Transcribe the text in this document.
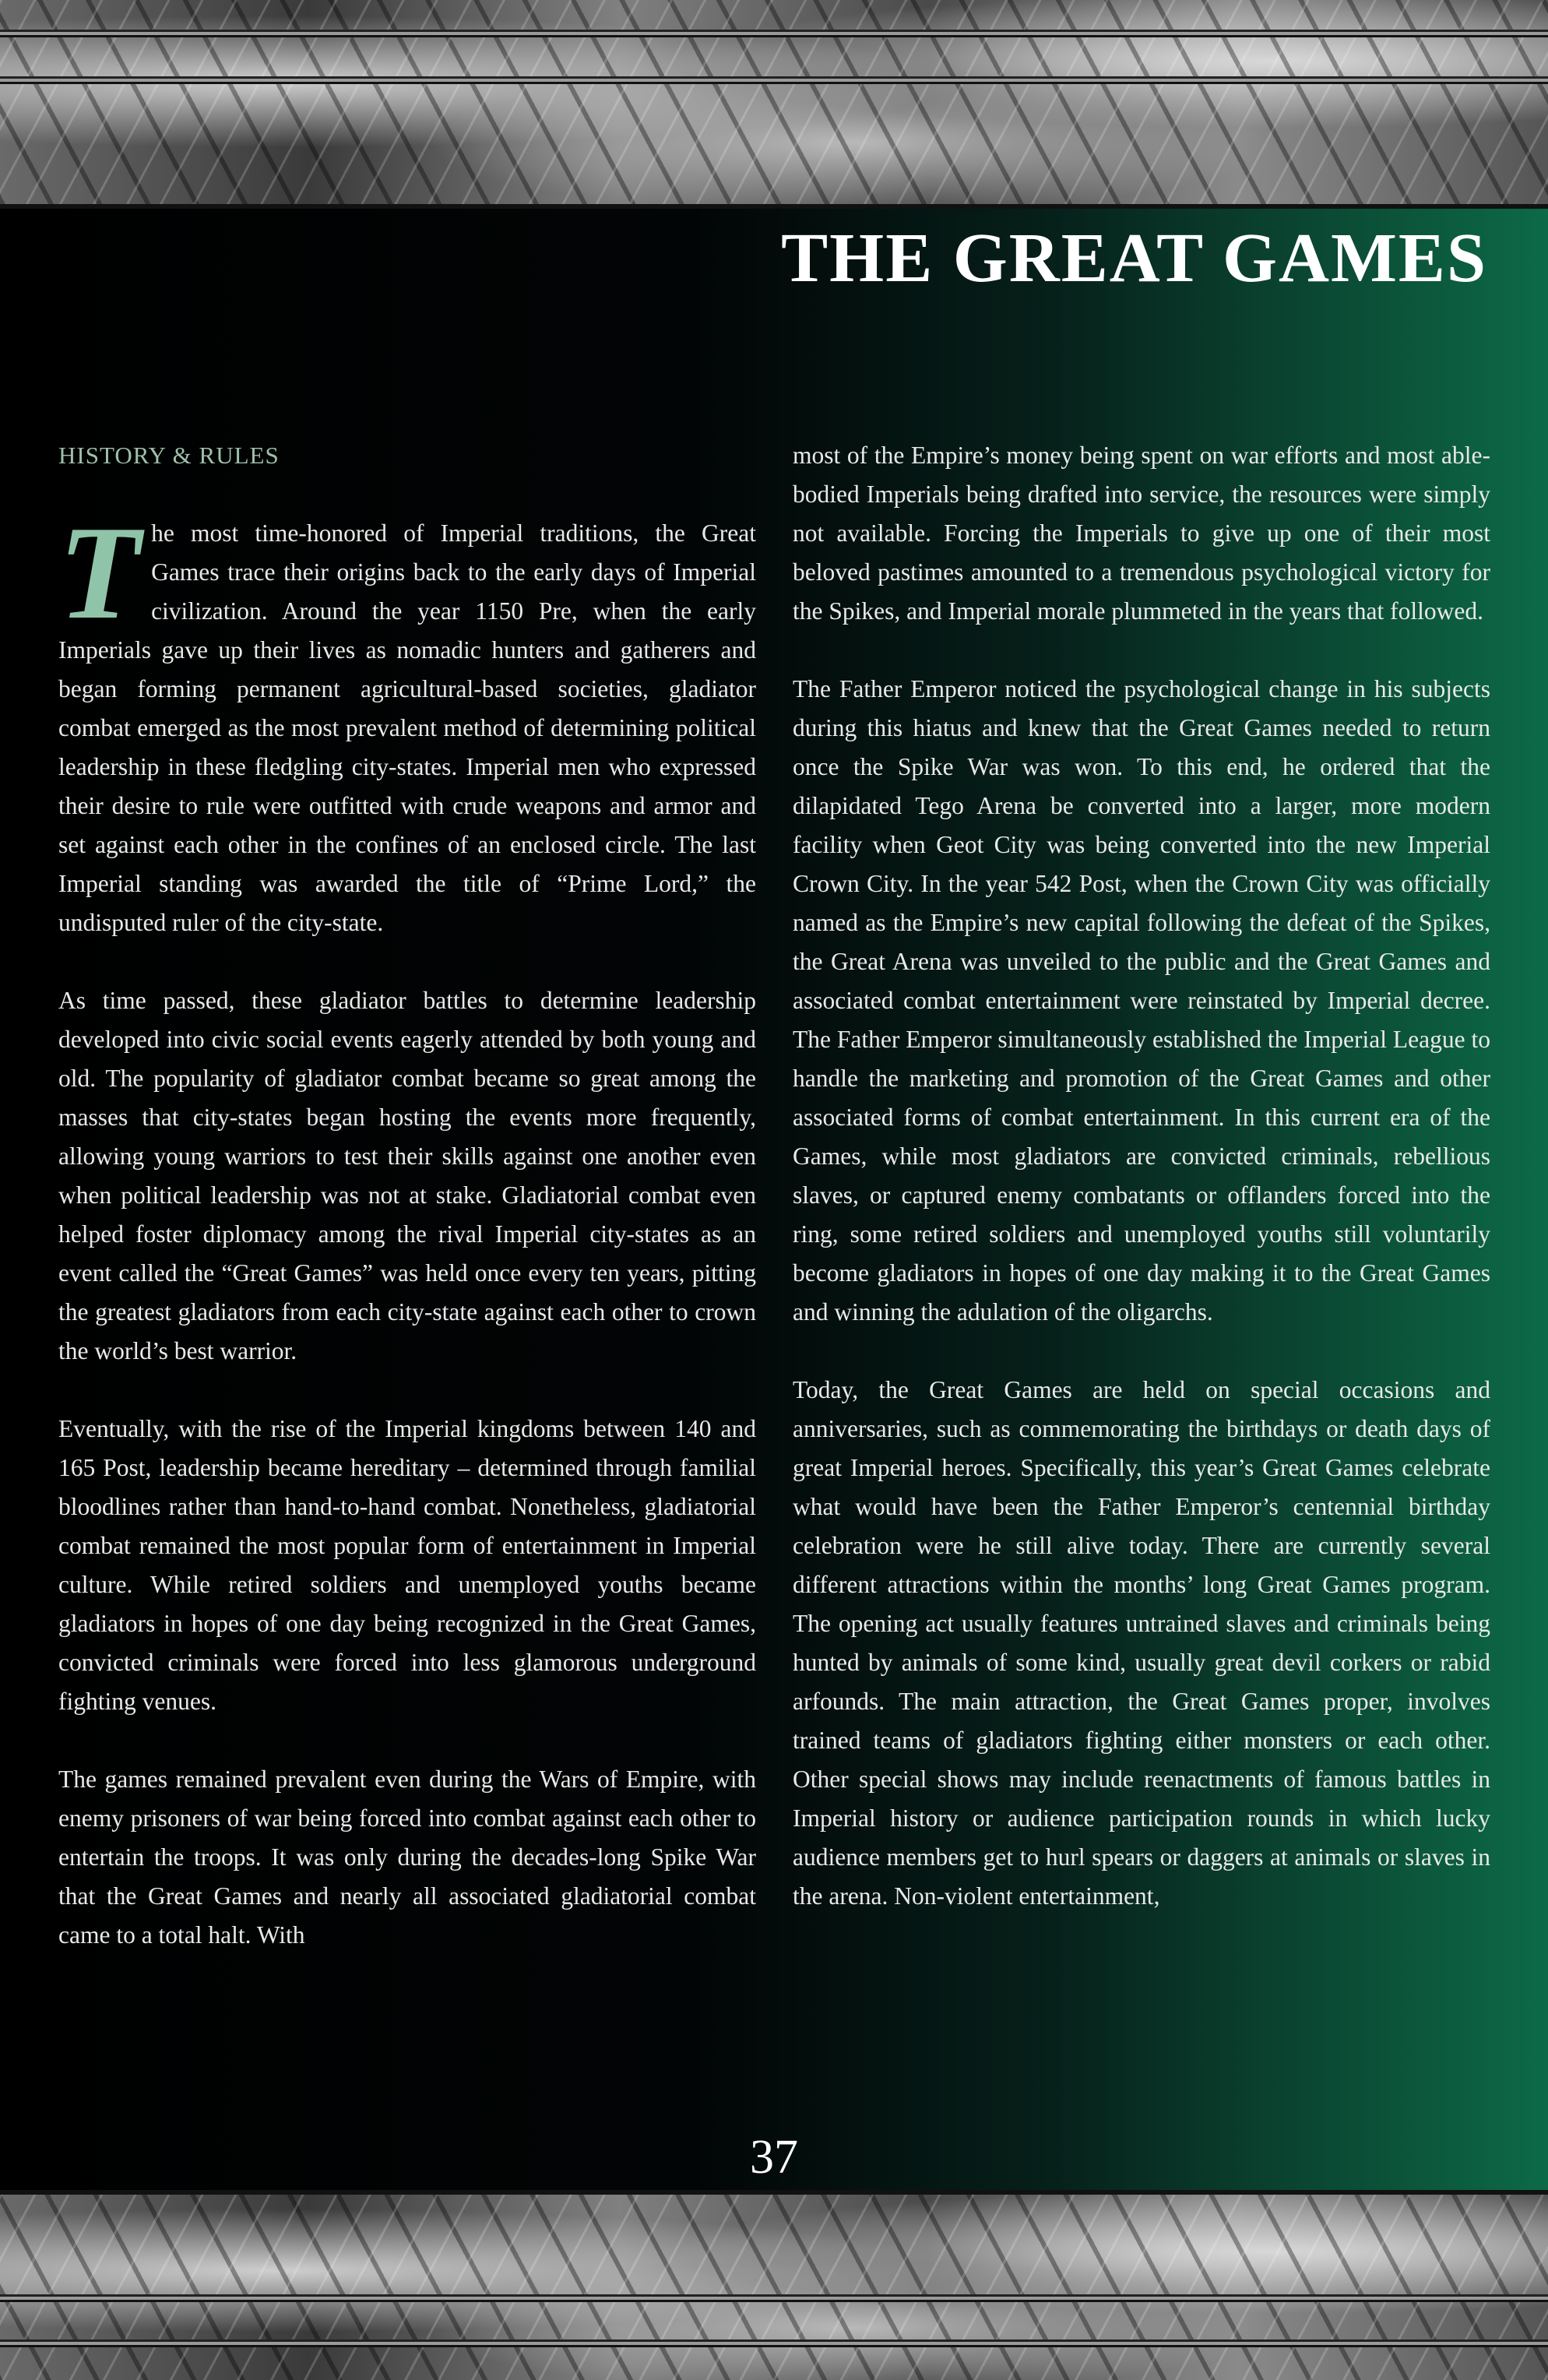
THE GREAT GAMES
HISTORY & RULES

The most time-honored of Imperial traditions, the Great Games trace their origins back to the early days of Imperial civilization. Around the year 1150 Pre, when the early Imperials gave up their lives as nomadic hunters and gatherers and began forming permanent agricultural-based societies, gladiator combat emerged as the most prevalent method of determining political leadership in these fledgling city-states. Imperial men who expressed their desire to rule were outfitted with crude weapons and armor and set against each other in the confines of an enclosed circle. The last Imperial standing was awarded the title of “Prime Lord,” the undisputed ruler of the city-state.

As time passed, these gladiator battles to determine leadership developed into civic social events eagerly attended by both young and old. The popularity of gladiator combat became so great among the masses that city-states began hosting the events more frequently, allowing young warriors to test their skills against one another even when political leadership was not at stake. Gladiatorial combat even helped foster diplomacy among the rival Imperial city-states as an event called the “Great Games” was held once every ten years, pitting the greatest gladiators from each city-state against each other to crown the world’s best warrior.

Eventually, with the rise of the Imperial kingdoms between 140 and 165 Post, leadership became hereditary – determined through familial bloodlines rather than hand-to-hand combat. Nonetheless, gladiatorial combat remained the most popular form of entertainment in Imperial culture. While retired soldiers and unemployed youths became gladiators in hopes of one day being recognized in the Great Games, convicted criminals were forced into less glamorous underground fighting venues.

The games remained prevalent even during the Wars of Empire, with enemy prisoners of war being forced into combat against each other to entertain the troops. It was only during the decades-long Spike War that the Great Games and nearly all associated gladiatorial combat came to a total halt. With

most of the Empire’s money being spent on war efforts and most able-bodied Imperials being drafted into service, the resources were simply not available. Forcing the Imperials to give up one of their most beloved pastimes amounted to a tremendous psychological victory for the Spikes, and Imperial morale plummeted in the years that followed.

The Father Emperor noticed the psychological change in his subjects during this hiatus and knew that the Great Games needed to return once the Spike War was won. To this end, he ordered that the dilapidated Tego Arena be converted into a larger, more modern facility when Geot City was being converted into the new Imperial Crown City. In the year 542 Post, when the Crown City was officially named as the Empire’s new capital following the defeat of the Spikes, the Great Arena was unveiled to the public and the Great Games and associated combat entertainment were reinstated by Imperial decree. The Father Emperor simultaneously established the Imperial League to handle the marketing and promotion of the Great Games and other associated forms of combat entertainment. In this current era of the Games, while most gladiators are convicted criminals, rebellious slaves, or captured enemy combatants or offlanders forced into the ring, some retired soldiers and unemployed youths still voluntarily become gladiators in hopes of one day making it to the Great Games and winning the adulation of the oligarchs.

Today, the Great Games are held on special occasions and anniversaries, such as commemorating the birthdays or death days of great Imperial heroes. Specifically, this year’s Great Games celebrate what would have been the Father Emperor’s centennial birthday celebration were he still alive today. There are currently several different attractions within the months’ long Great Games program. The opening act usually features untrained slaves and criminals being hunted by animals of some kind, usually great devil corkers or rabid arfounds. The main attraction, the Great Games proper, involves trained teams of gladiators fighting either monsters or each other. Other special shows may include reenactments of famous battles in Imperial history or audience participation rounds in which lucky audience members get to hurl spears or daggers at animals or slaves in the arena. Non-violent entertainment,

37
